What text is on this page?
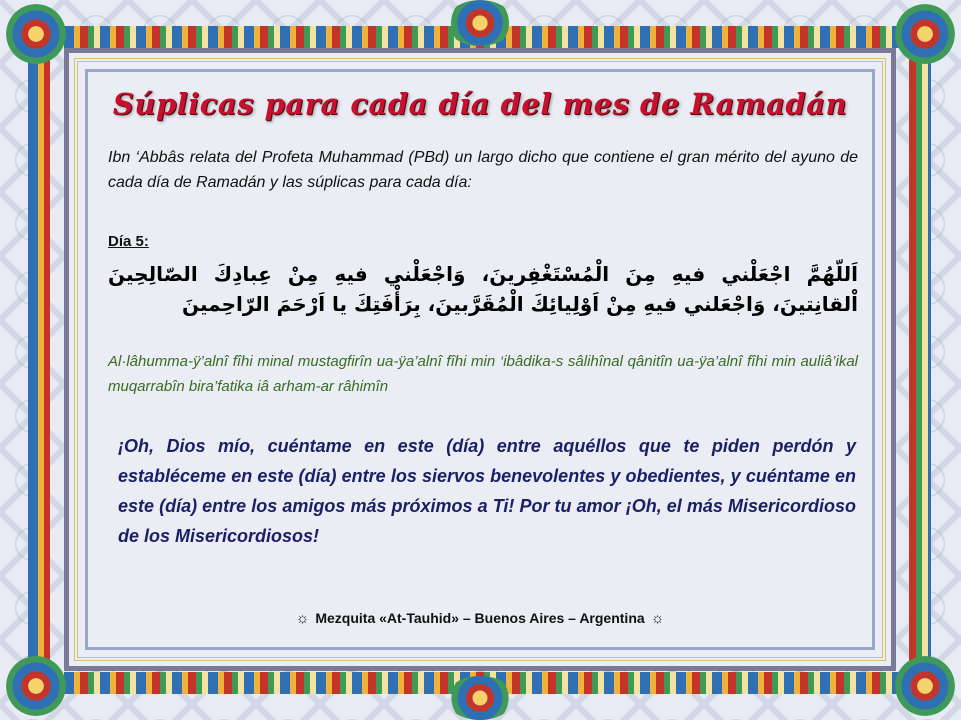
Súplicas para cada día del mes de Ramadán
Ibn ‘Abbâs relata del Profeta Muhammad (PBd) un largo dicho que contiene el gran mérito del ayuno de cada día de Ramadán y las súplicas para cada día:
Día 5:
اَللّهُمَّ اجْعَلْني فيهِ مِنَ الْمُسْتَغْفِرينَ، وَاجْعَلْني فيهِ مِنْ عِبادِكَ الصّالِحِينَ اْلقانِتينَ، وَاجْعَلني فيهِ مِنْ اَوْلِيائِكَ الْمُقَرَّبينَ، بِرَأْفَتِكَ يا اَرْحَمَ الرّاحِمينَ
Al·lâhumma-ÿ’alnî fîhi minal mustagfirîn ua-ÿa’alnî fîhi min ‘ibâdika-s sâlihînal qânitîn ua-ÿa’alnî fîhi min auliâ’ikal muqarrabîn bira’fatika iâ arham-ar râhimîn
¡Oh, Dios mío, cuéntame en este (día) entre aquéllos que te piden perdón y establéceme en este (día) entre los siervos benevolentes y obedientes, y cuéntame en este (día) entre los amigos más próximos a Ti! Por tu amor ¡Oh, el más Misericordioso de los Misericordiosos!
☼ Mezquita «At-Tauhid» – Buenos Aires – Argentina ☼
